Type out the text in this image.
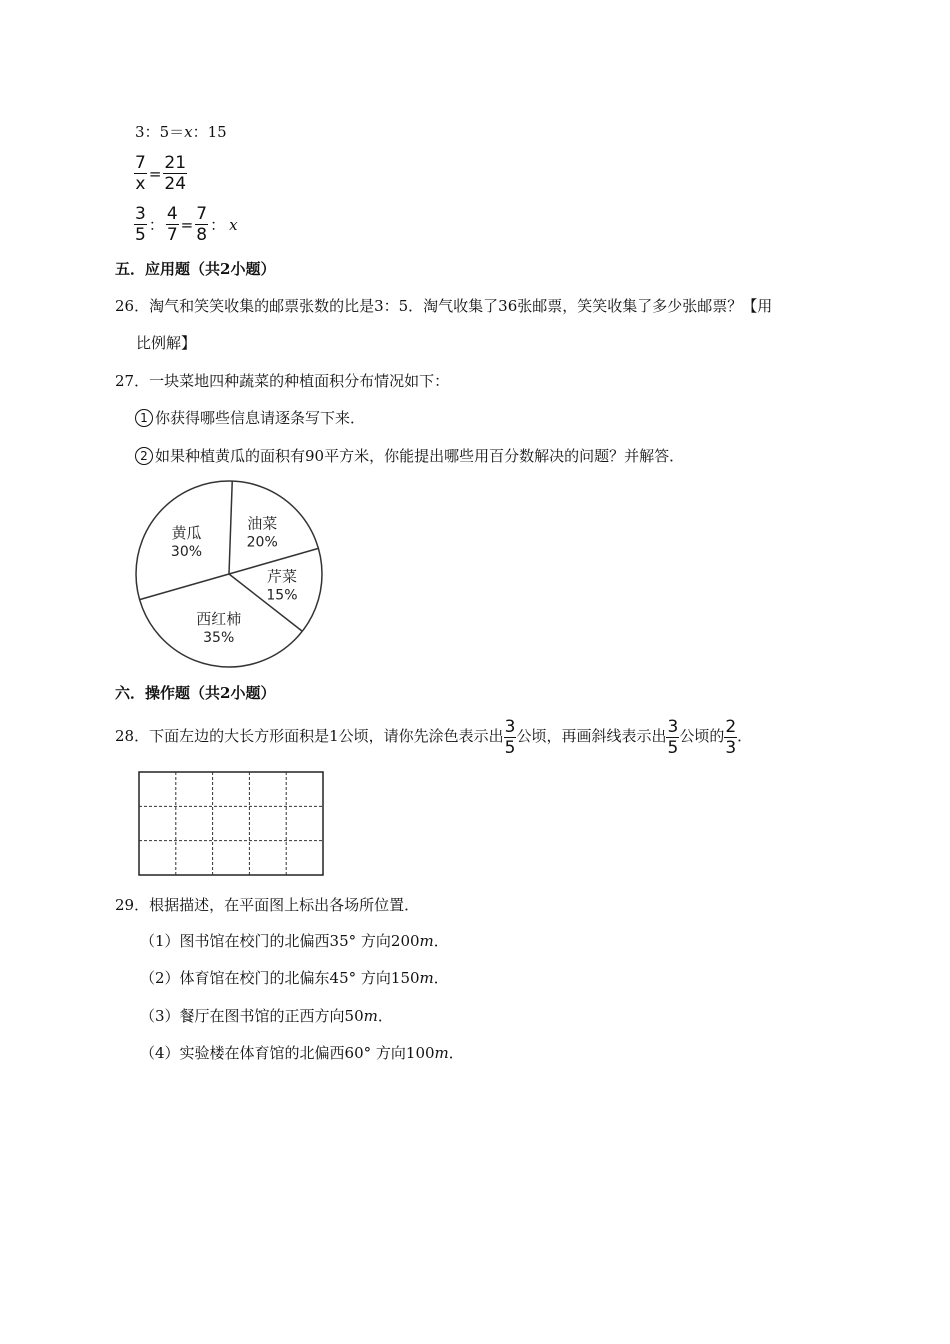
3：5＝x：15
$\frac{7}{x} = \frac{21}{24}$
$\frac{3}{5}$ ： $\frac{4}{7} = \frac{7}{8}$ ： x
五．应用题（共2小题）
26．淘气和笑笑收集的邮票张数的比是3：5．淘气收集了36张邮票，笑笑收集了多少张邮票？【用
比例解】
27．一块菜地四种蔬菜的种植面积分布情况如下：
1 你获得哪些信息请逐条写下来．
2 如果种植黄瓜的面积有90平方米，你能提出哪些用百分数解决的问题？并解答．
油菜
20%
芹菜
15%
西红柿
35%
黄瓜
30%
六．操作题（共2小题）
28．下面左边的大长方形面积是1公顷，请你先涂色表示出 $\frac{3}{5}$ 公顷，再画斜线表示出 $\frac{3}{5}$ 公顷的 $\frac{2}{3}$ ．
29．根据描述，在平面图上标出各场所位置．
（1）图书馆在校门的北偏西35° 方向200m．
（2）体育馆在校门的北偏东45° 方向150m．
（3）餐厅在图书馆的正西方向50m．
（4）实验楼在体育馆的北偏西60° 方向100m．
